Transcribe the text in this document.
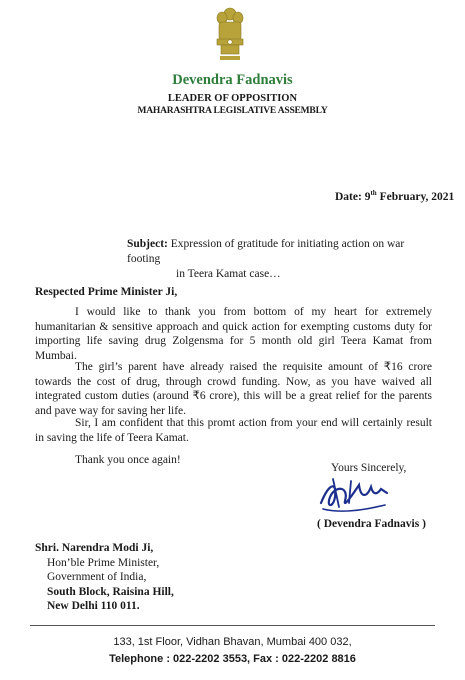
Devendra Fadnavis
LEADER OF OPPOSITION
MAHARASHTRA LEGISLATIVE ASSEMBLY
Date: 9th February, 2021
Subject: Expression of gratitude for initiating action on war footing
in Teera Kamat case…
Respected Prime Minister Ji,
I would like to thank you from bottom of my heart for extremely humanitarian & sensitive approach and quick action for exempting customs duty for importing life saving drug Zolgensma for 5 month old girl Teera Kamat from Mumbai.
The girl’s parent have already raised the requisite amount of ₹16 crore towards the cost of drug, through crowd funding. Now, as you have waived all integrated custom duties (around ₹6 crore), this will be a great relief for the parents and pave way for saving her life.
Sir, I am confident that this promt action from your end will certainly result in saving the life of Teera Kamat.
Thank you once again!
Yours Sincerely,
( Devendra Fadnavis )
Shri. Narendra Modi Ji,
Hon’ble Prime Minister,
Government of India,
South Block, Raisina Hill,
New Delhi 110 011.
133, 1st Floor, Vidhan Bhavan, Mumbai 400 032,
Telephone : 022-2202 3553, Fax : 022-2202 8816
